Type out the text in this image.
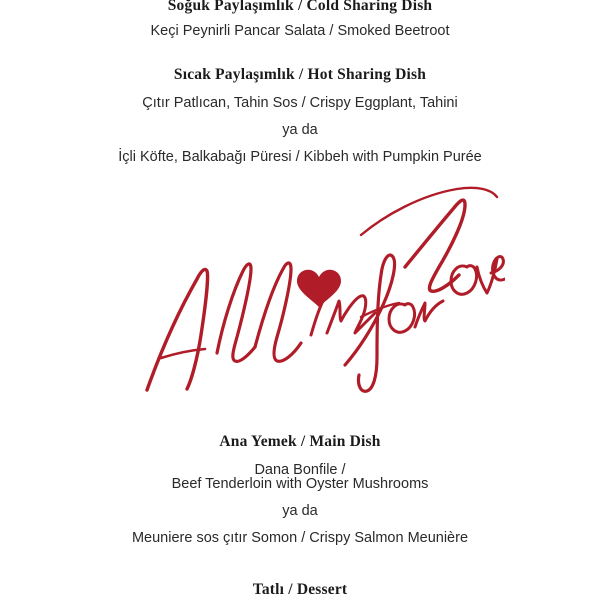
Soğuk Paylaşımlık / Cold Sharing Dish
Keçi Peynirli Pancar Salata / Smoked Beetroot
Sıcak Paylaşımlık / Hot Sharing Dish
Çıtır Patlıcan, Tahin Sos / Crispy Eggplant, Tahini
ya da
İçli Köfte, Balkabağı Püresi / Kibbeh with Pumpkin Purée
Ana Yemek / Main Dish
Dana Bonfile /
Beef Tenderloin with Oyster Mushrooms
ya da
Meuniere sos çıtır Somon / Crispy Salmon Meunière
Tatlı / Dessert
